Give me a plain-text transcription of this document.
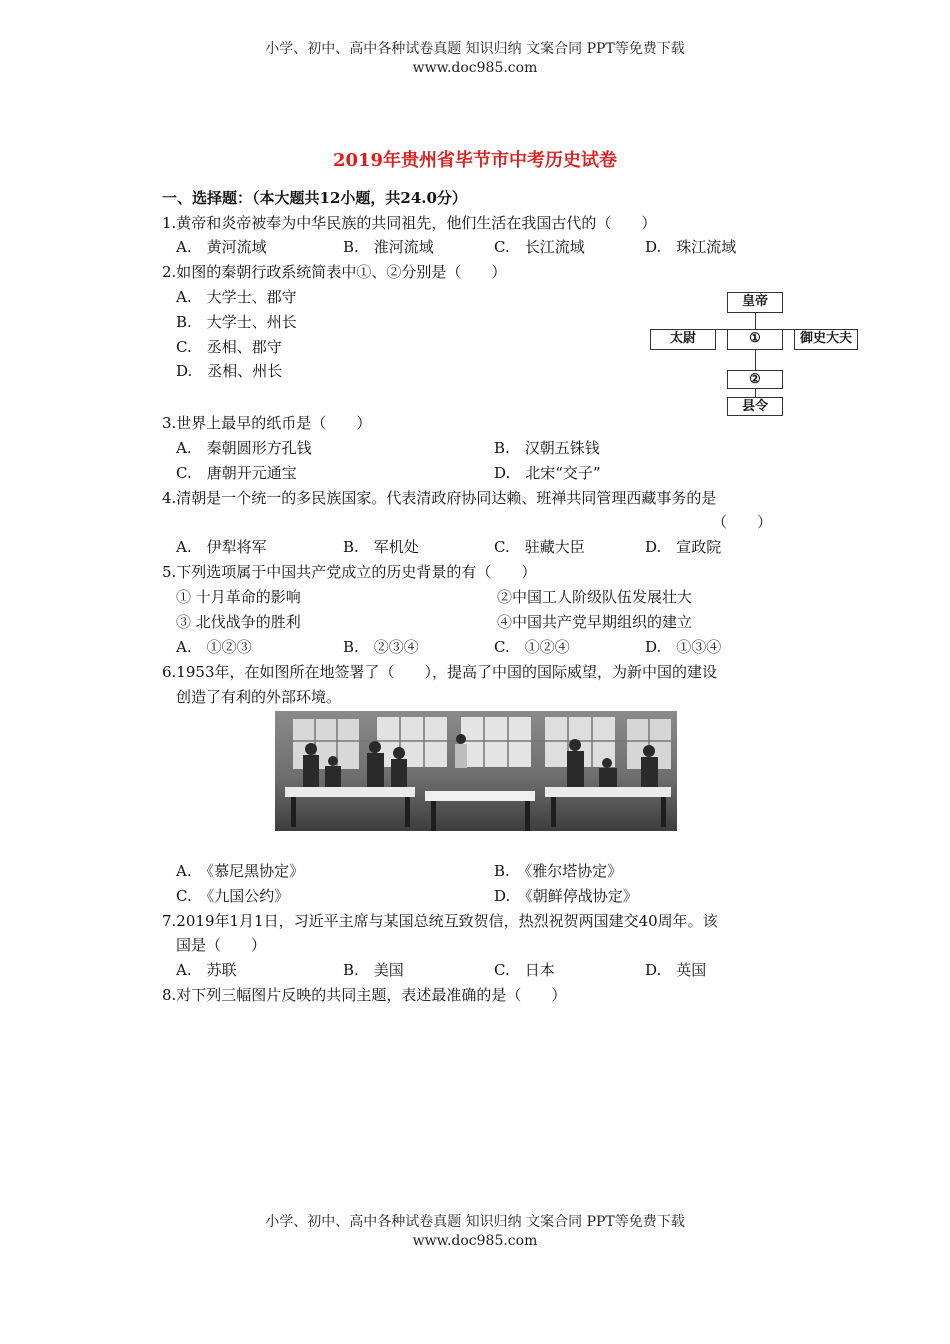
小学、初中、高中各种试卷真题 知识归纳 文案合同 PPT等免费下载
www.doc985.com
2019年贵州省毕节市中考历史试卷
一、选择题：（本大题共12小题，共24.0分）
1.黄帝和炎帝被奉为中华民族的共同祖先，他们生活在我国古代的（　　）
A.　黄河流域	B.　淮河流域	C.　长江流域	D.　珠江流域
2.如图的秦朝行政系统简表中①、②分别是（　　）
A.　大学士、郡守
B.　大学士、州长
C.　丞相、郡守
D.　丞相、州长
皇帝
太尉	①	御史大夫
②
县令
3.世界上最早的纸币是（　　）
A.　秦朝圆形方孔钱	B.　汉朝五铢钱
C.　唐朝开元通宝	D.　北宋“交子”
4.清朝是一个统一的多民族国家。代表清政府协同达赖、班禅共同管理西藏事务的是
（　　）
A.　伊犁将军	B.　军机处	C.　驻藏大臣	D.　宣政院
5.下列选项属于中国共产党成立的历史背景的有（　　）
① 十月革命的影响	②中国工人阶级队伍发展壮大
③ 北伐战争的胜利	④中国共产党早期组织的建立
A.　①②③	B.　②③④	C.　①②④	D.　①③④
6.1953年，在如图所在地签署了（　　），提高了中国的国际威望，为新中国的建设
创造了有利的外部环境。
A.　《慕尼黑协定》	B.　《雅尔塔协定》
C.　《九国公约》	D.　《朝鲜停战协定》
7.2019年1月1日，习近平主席与某国总统互致贺信，热烈祝贺两国建交40周年。该
国是（　　）
A.　苏联	B.　美国	C.　日本	D.　英国
8.对下列三幅图片反映的共同主题，表述最准确的是（　　）
小学、初中、高中各种试卷真题 知识归纳 文案合同 PPT等免费下载
www.doc985.com
